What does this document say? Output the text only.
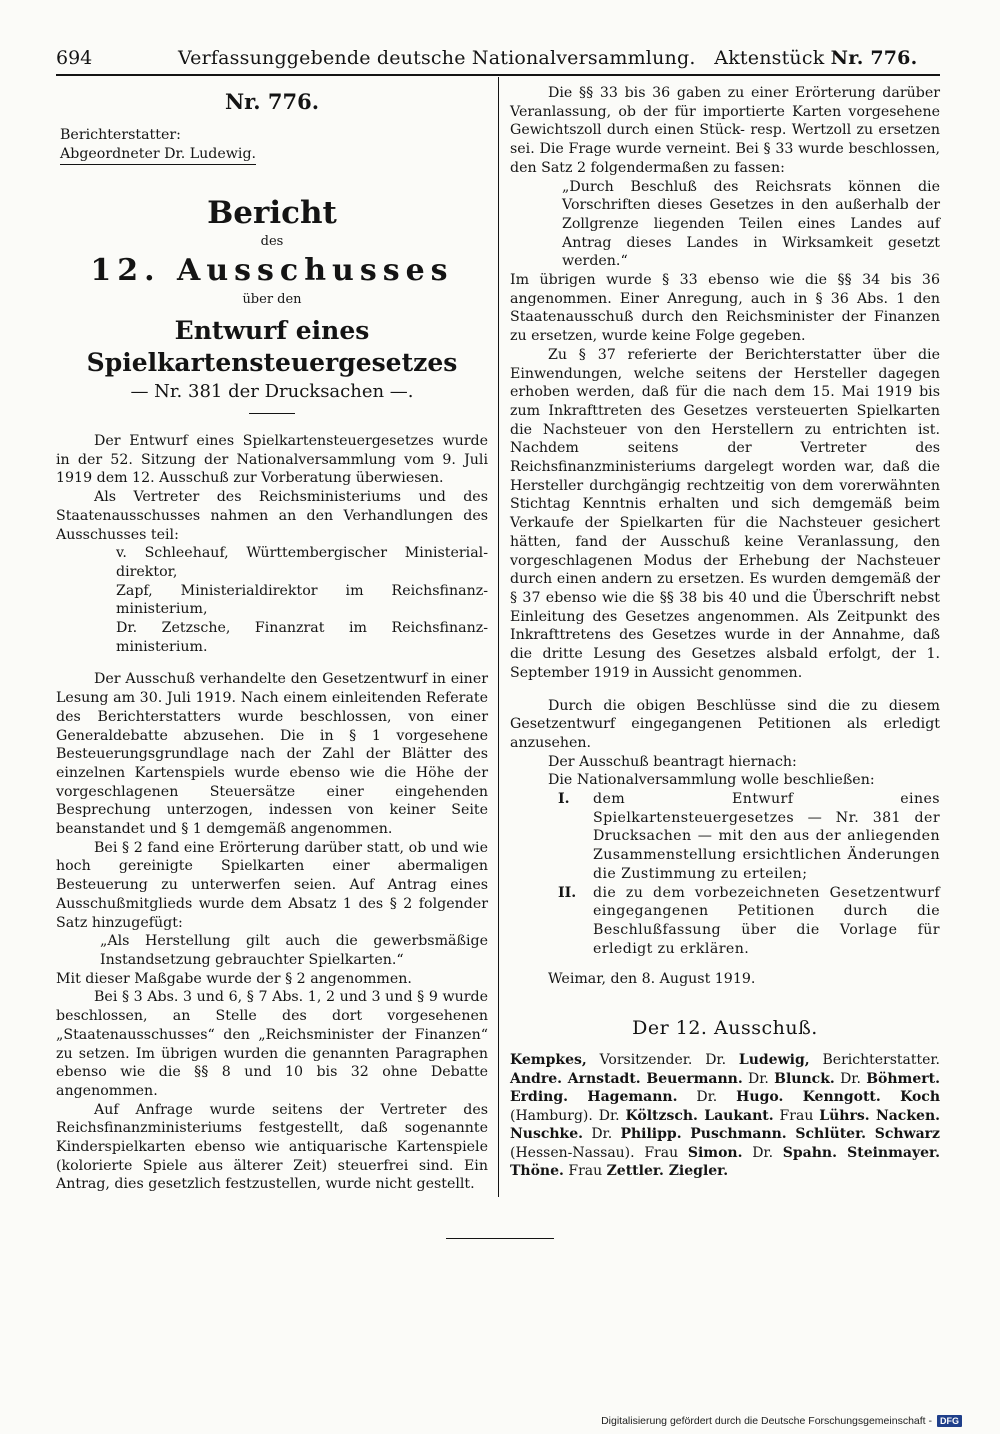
694	Verfassunggebende deutsche Nationalversammlung. Aktenstück Nr. 776.
Nr. 776.
Berichterstatter:
Abgeordneter Dr. Ludewig.
Bericht
des
12. Ausschusses
über den
Entwurf eines Spielkartensteuergesetzes
— Nr. 381 der Drucksachen —.

Der Entwurf eines Spielkartensteuergesetzes wurde in der 52. Sitzung der Nationalversammlung vom 9. Juli 1919 dem 12. Ausschuß zur Vorberatung überwiesen.

Als Vertreter des Reichsministeriums und des Staatenausschusses nahmen an den Verhandlungen des Ausschusses teil:

v. Schleehauf, Württembergischer Ministerial-direktor,

Zapf, Ministerialdirektor im Reichsfinanz-ministerium,

Dr. Zetzsche, Finanzrat im Reichsfinanz-ministerium.

Der Ausschuß verhandelte den Gesetzentwurf in einer Lesung am 30. Juli 1919. Nach einem einleitenden Referate des Berichterstatters wurde beschlossen, von einer Generaldebatte abzusehen. Die in § 1 vorgesehene Besteuerungsgrundlage nach der Zahl der Blätter des einzelnen Kartenspiels wurde ebenso wie die Höhe der vorgeschlagenen Steuersätze einer eingehenden Besprechung unterzogen, indessen von keiner Seite beanstandet und § 1 demgemäß angenommen.

Bei § 2 fand eine Erörterung darüber statt, ob und wie hoch gereinigte Spielkarten einer abermaligen Besteuerung zu unterwerfen seien. Auf Antrag eines Ausschußmitglieds wurde dem Absatz 1 des § 2 folgender Satz hinzugefügt:

„Als Herstellung gilt auch die gewerbsmäßige Instandsetzung gebrauchter Spielkarten.“

Mit dieser Maßgabe wurde der § 2 angenommen.

Bei § 3 Abs. 3 und 6, § 7 Abs. 1, 2 und 3 und § 9 wurde beschlossen, an Stelle des dort vorgesehenen „Staatenausschusses“ den „Reichsminister der Finanzen“ zu setzen. Im übrigen wurden die genannten Paragraphen ebenso wie die §§ 8 und 10 bis 32 ohne Debatte angenommen.

Auf Anfrage wurde seitens der Vertreter des Reichsfinanzministeriums festgestellt, daß sogenannte Kinderspielkarten ebenso wie antiquarische Kartenspiele (kolorierte Spiele aus älterer Zeit) steuerfrei sind. Ein Antrag, dies gesetzlich festzustellen, wurde nicht gestellt.

Die §§ 33 bis 36 gaben zu einer Erörterung darüber Veranlassung, ob der für importierte Karten vorgesehene Gewichtszoll durch einen Stück- resp. Wertzoll zu ersetzen sei. Die Frage wurde verneint. Bei § 33 wurde beschlossen, den Satz 2 folgendermaßen zu fassen:

„Durch Beschluß des Reichsrats können die Vorschriften dieses Gesetzes in den außerhalb der Zollgrenze liegenden Teilen eines Landes auf Antrag dieses Landes in Wirksamkeit gesetzt werden.“

Im übrigen wurde § 33 ebenso wie die §§ 34 bis 36 angenommen. Einer Anregung, auch in § 36 Abs. 1 den Staatenausschuß durch den Reichsminister der Finanzen zu ersetzen, wurde keine Folge gegeben.

Zu § 37 referierte der Berichterstatter über die Einwendungen, welche seitens der Hersteller dagegen erhoben werden, daß für die nach dem 15. Mai 1919 bis zum Inkrafttreten des Gesetzes versteuerten Spielkarten die Nachsteuer von den Herstellern zu entrichten ist. Nachdem seitens der Vertreter des Reichsfinanzministeriums dargelegt worden war, daß die Hersteller durchgängig rechtzeitig von dem vorerwähnten Stichtag Kenntnis erhalten und sich demgemäß beim Verkaufe der Spielkarten für die Nachsteuer gesichert hätten, fand der Ausschuß keine Veranlassung, den vorgeschlagenen Modus der Erhebung der Nachsteuer durch einen andern zu ersetzen. Es wurden demgemäß der § 37 ebenso wie die §§ 38 bis 40 und die Überschrift nebst Einleitung des Gesetzes angenommen. Als Zeitpunkt des Inkrafttretens des Gesetzes wurde in der Annahme, daß die dritte Lesung des Gesetzes alsbald erfolgt, der 1. September 1919 in Aussicht genommen.

Durch die obigen Beschlüsse sind die zu diesem Gesetzentwurf eingegangenen Petitionen als erledigt anzusehen.

Der Ausschuß beantragt hiernach:

Die Nationalversammlung wolle beschließen:

I. dem Entwurf eines Spielkartensteuergesetzes — Nr. 381 der Drucksachen — mit den aus der anliegenden Zusammenstellung ersichtlichen Änderungen die Zustimmung zu erteilen;
II. die zu dem vorbezeichneten Gesetzentwurf eingegangenen Petitionen durch die Beschlußfassung über die Vorlage für erledigt zu erklären.

Weimar, den 8. August 1919.

Der 12. Ausschuß.
Kempkes, Vorsitzender. Dr. Ludewig, Berichterstatter. Andre. Arnstadt. Beuermann. Dr. Blunck. Dr. Böhmert. Erding. Hagemann. Dr. Hugo. Kenngott. Koch (Hamburg). Dr. Költzsch. Laukant. Frau Lührs. Nacken. Nuschke. Dr. Philipp. Puschmann. Schlüter. Schwarz (Hessen-Nassau). Frau Simon. Dr. Spahn. Steinmayer. Thöne. Frau Zettler. Ziegler.
Digitalisierung gefördert durch die Deutsche Forschungsgemeinschaft - DFG
